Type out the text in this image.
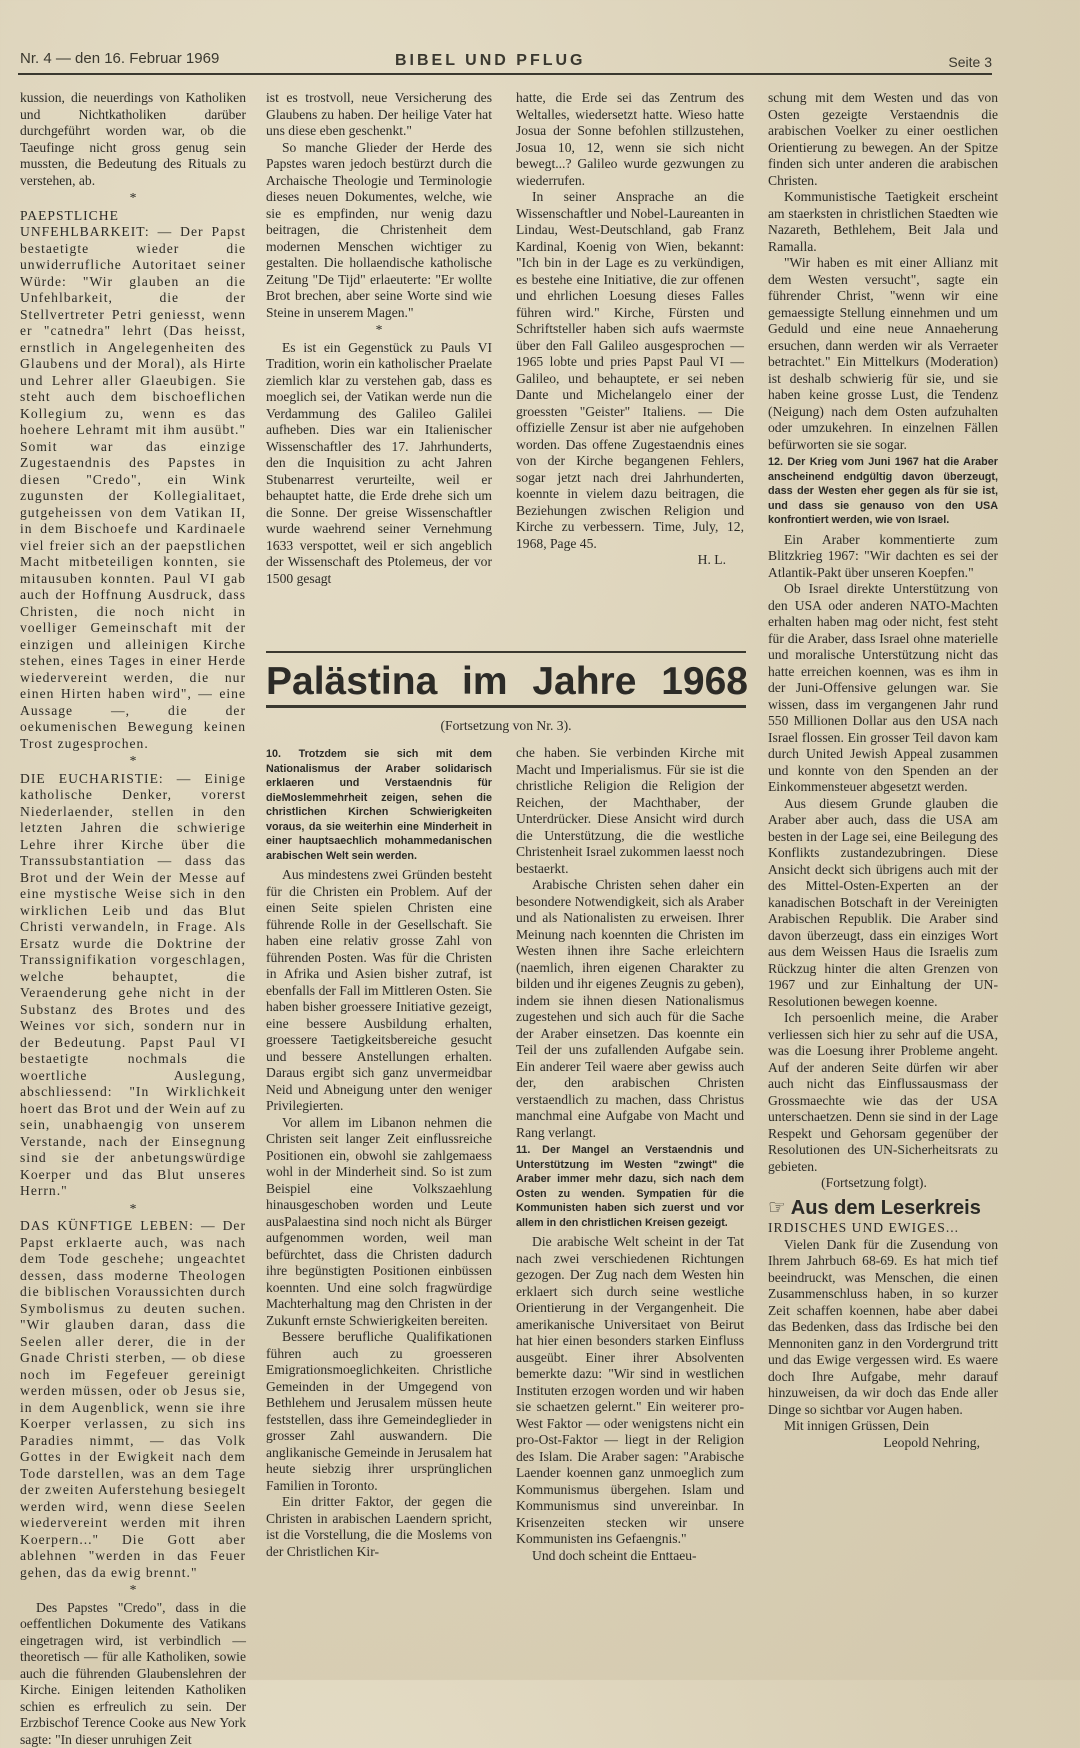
Nr. 4 — den 16. Februar 1969	BIBEL UND PFLUG	Seite 3

kussion, die neuerdings von Katholiken und Nichtkatholiken darüber durchgeführt worden war, ob die Taeufinge nicht gross genug sein mussten, die Bedeutung des Rituals zu verstehen, ab.

*

PAEPSTLICHE UNFEHLBARKEIT: — Der Papst bestaetigte wieder die unwiderrufliche Autoritaet seiner Würde: "Wir glauben an die Unfehlbarkeit, die der Stellvertreter Petri geniesst, wenn er "catnedra" lehrt (Das heisst, ernstlich in Angelegenheiten des Glaubens und der Moral), als Hirte und Lehrer aller Glaeubigen. Sie steht auch dem bischoeflichen Kollegium zu, wenn es das hoehere Lehramt mit ihm ausübt." Somit war das einzige Zugestaendnis des Papstes in diesen "Credo", ein Wink zugunsten der Kollegialitaet, gutgeheissen von dem Vatikan II, in dem Bischoefe und Kardinaele viel freier sich an der paepstlichen Macht mitbeteiligen konnten, sie mitausuben konnten. Paul VI gab auch der Hoffnung Ausdruck, dass Christen, die noch nicht in voelliger Gemeinschaft mit der einzigen und alleinigen Kirche stehen, eines Tages in einer Herde wiedervereint werden, die nur einen Hirten haben wird", — eine Aussage —, die der oekumenischen Bewegung keinen Trost zugesprochen.

*

DIE EUCHARISTIE: — Einige katholische Denker, vorerst Niederlaender, stellen in den letzten Jahren die schwierige Lehre ihrer Kirche über die Transsubstantiation — dass das Brot und der Wein der Messe auf eine mystische Weise sich in den wirklichen Leib und das Blut Christi verwandeln, in Frage. Als Ersatz wurde die Doktrine der Transsignifikation vorgeschlagen, welche behauptet, die Veraenderung gehe nicht in der Substanz des Brotes und des Weines vor sich, sondern nur in der Bedeutung. Papst Paul VI bestaetigte nochmals die woertliche Auslegung, abschliessend: "In Wirklichkeit hoert das Brot und der Wein auf zu sein, unabhaengig von unserem Verstande, nach der Einsegnung sind sie der anbetungswürdige Koerper und das Blut unseres Herrn."

*

DAS KÜNFTIGE LEBEN: — Der Papst erklaerte auch, was nach dem Tode geschehe; ungeachtet dessen, dass moderne Theologen die biblischen Voraussichten durch Symbolismus zu deuten suchen. "Wir glauben daran, dass die Seelen aller derer, die in der Gnade Christi sterben, — ob diese noch im Fegefeuer gereinigt werden müssen, oder ob Jesus sie, in dem Augenblick, wenn sie ihre Koerper verlassen, zu sich ins Paradies nimmt, — das Volk Gottes in der Ewigkeit nach dem Tode darstellen, was an dem Tage der zweiten Auferstehung besiegelt werden wird, wenn diese Seelen wiedervereint werden mit ihren Koerpern..." Die Gott aber ablehnen "werden in das Feuer gehen, das da ewig brennt."

*

Des Papstes "Credo", dass in die oeffentlichen Dokumente des Vatikans eingetragen wird, ist verbindlich — theoretisch — für alle Katholiken, sowie auch die führenden Glaubenslehren der Kirche. Einigen leitenden Katholiken schien es erfreulich zu sein. Der Erzbischof Terence Cooke aus New York sagte: "In dieser unruhigen Zeit

ist es trostvoll, neue Versicherung des Glaubens zu haben. Der heilige Vater hat uns diese eben geschenkt."

So manche Glieder der Herde des Papstes waren jedoch bestürzt durch die Archaische Theologie und Terminologie dieses neuen Dokumentes, welche, wie sie es empfinden, nur wenig dazu beitragen, die Christenheit dem modernen Menschen wichtiger zu gestalten. Die hollaendische katholische Zeitung "De Tijd" erlaeuterte: "Er wollte Brot brechen, aber seine Worte sind wie Steine in unserem Magen."

*

Es ist ein Gegenstück zu Pauls VI Tradition, worin ein katholischer Praelate ziemlich klar zu verstehen gab, dass es moeglich sei, der Vatikan werde nun die Verdammung des Galileo Galilei aufheben. Dies war ein Italienischer Wissenschaftler des 17. Jahrhunderts, den die Inquisition zu acht Jahren Stubenarrest verurteilte, weil er behauptet hatte, die Erde drehe sich um die Sonne. Der greise Wissenschaftler wurde waehrend seiner Vernehmung 1633 verspottet, weil er sich angeblich der Wissenschaft des Ptolemeus, der vor 1500 gesagt

hatte, die Erde sei das Zentrum des Weltalles, wiedersetzt hatte. Wieso hatte Josua der Sonne befohlen stillzustehen, Josua 10, 12, wenn sie sich nicht bewegt...? Galileo wurde gezwungen zu wiederrufen.

In seiner Ansprache an die Wissenschaftler und Nobel-Laureanten in Lindau, West-Deutschland, gab Franz Kardinal, Koenig von Wien, bekannt: "Ich bin in der Lage es zu verkündigen, es bestehe eine Initiative, die zur offenen und ehrlichen Loesung dieses Falles führen wird." Kirche, Fürsten und Schriftsteller haben sich aufs waermste über den Fall Galileo ausgesprochen — 1965 lobte und pries Papst Paul VI — Galileo, und behauptete, er sei neben Dante und Michelangelo einer der groessten "Geister" Italiens. — Die offizielle Zensur ist aber nie aufgehoben worden. Das offene Zugestaendnis eines von der Kirche begangenen Fehlers, sogar jetzt nach drei Jahrhunderten, koennte in vielem dazu beitragen, die Beziehungen zwischen Religion und Kirche zu verbessern. Time, July, 12, 1968, Page 45.

H. L.

Palästina im Jahre 1968
(Fortsetzung von Nr. 3).

10. Trotzdem sie sich mit dem Nationalismus der Araber solidarisch erklaeren und Verstaendnis für dieMoslemmehrheit zeigen, sehen die christlichen Kirchen Schwierigkeiten voraus, da sie weiterhin eine Minderheit in einer hauptsaechlich mohammedanischen arabischen Welt sein werden.

Aus mindestens zwei Gründen besteht für die Christen ein Problem. Auf der einen Seite spielen Christen eine führende Rolle in der Gesellschaft. Sie haben eine relativ grosse Zahl von führenden Posten. Was für die Christen in Afrika und Asien bisher zutraf, ist ebenfalls der Fall im Mittleren Osten. Sie haben bisher groessere Initiative gezeigt, eine bessere Ausbildung erhalten, groessere Taetigkeitsbereiche gesucht und bessere Anstellungen erhalten. Daraus ergibt sich ganz unvermeidbar Neid und Abneigung unter den weniger Privilegierten.

Vor allem im Libanon nehmen die Christen seit langer Zeit einflussreiche Positionen ein, obwohl sie zahlgemaess wohl in der Minderheit sind. So ist zum Beispiel eine Volkszaehlung hinausgeschoben worden und Leute ausPalaestina sind noch nicht als Bürger aufgenommen worden, weil man befürchtet, dass die Christen dadurch ihre begünstigten Positionen einbüssen koennten. Und eine solch fragwürdige Machterhaltung mag den Christen in der Zukunft ernste Schwierigkeiten bereiten.

Bessere berufliche Qualifikationen führen auch zu groesseren Emigrationsmoeglichkeiten. Christliche Gemeinden in der Umgegend von Bethlehem und Jerusalem müssen heute feststellen, dass ihre Gemeindeglieder in grosser Zahl auswandern. Die anglikanische Gemeinde in Jerusalem hat heute siebzig ihrer ursprünglichen Familien in Toronto.

Ein dritter Faktor, der gegen die Christen in arabischen Laendern spricht, ist die Vorstellung, die die Moslems von der Christlichen Kir-

che haben. Sie verbinden Kirche mit Macht und Imperialismus. Für sie ist die christliche Religion die Religion der Reichen, der Machthaber, der Unterdrücker. Diese Ansicht wird durch die Unterstützung, die die westliche Christenheit Israel zukommen laesst noch bestaerkt.

Arabische Christen sehen daher ein besondere Notwendigkeit, sich als Araber und als Nationalisten zu erweisen. Ihrer Meinung nach koennten die Christen im Westen ihnen ihre Sache erleichtern (naemlich, ihren eigenen Charakter zu bilden und ihr eigenes Zeugnis zu geben), indem sie ihnen diesen Nationalismus zugestehen und sich auch für die Sache der Araber einsetzen. Das koennte ein Teil der uns zufallenden Aufgabe sein. Ein anderer Teil waere aber gewiss auch der, den arabischen Christen verstaendlich zu machen, dass Christus manchmal eine Aufgabe von Macht und Rang verlangt.

11. Der Mangel an Verstaendnis und Unterstützung im Westen "zwingt" die Araber immer mehr dazu, sich nach dem Osten zu wenden. Sympatien für die Kommunisten haben sich zuerst und vor allem in den christlichen Kreisen gezeigt.

Die arabische Welt scheint in der Tat nach zwei verschiedenen Richtungen gezogen. Der Zug nach dem Westen hin erklaert sich durch seine westliche Orientierung in der Vergangenheit. Die amerikanische Universitaet von Beirut hat hier einen besonders starken Einfluss ausgeübt. Einer ihrer Absolventen bemerkte dazu: "Wir sind in westlichen Instituten erzogen worden und wir haben sie schaetzen gelernt." Ein weiterer pro-West Faktor — oder wenigstens nicht ein pro-Ost-Faktor — liegt in der Religion des Islam. Die Araber sagen: "Arabische Laender koennen ganz unmoeglich zum Kommunismus übergehen. Islam und Kommunismus sind unvereinbar. In Krisenzeiten stecken wir unsere Kommunisten ins Gefaengnis."

Und doch scheint die Enttaeu-

schung mit dem Westen und das von Osten gezeigte Verstaendnis die arabischen Voelker zu einer oestlichen Orientierung zu bewegen. An der Spitze finden sich unter anderen die arabischen Christen.

Kommunistische Taetigkeit erscheint am staerksten in christlichen Staedten wie Nazareth, Bethlehem, Beit Jala und Ramalla.

"Wir haben es mit einer Allianz mit dem Westen versucht", sagte ein führender Christ, "wenn wir eine gemaessigte Stellung einnehmen und um Geduld und eine neue Annaeherung ersuchen, dann werden wir als Verraeter betrachtet." Ein Mittelkurs (Moderation) ist deshalb schwierig für sie, und sie haben keine grosse Lust, die Tendenz (Neigung) nach dem Osten aufzuhalten oder umzukehren. In einzelnen Fällen befürworten sie sie sogar.

12. Der Krieg vom Juni 1967 hat die Araber anscheinend endgültig davon überzeugt, dass der Westen eher gegen als für sie ist, und dass sie genauso von den USA konfrontiert werden, wie von Israel.

Ein Araber kommentierte zum Blitzkrieg 1967: "Wir dachten es sei der Atlantik-Pakt über unseren Koepfen."

Ob Israel direkte Unterstützung von den USA oder anderen NATO-Machten erhalten haben mag oder nicht, fest steht für die Araber, dass Israel ohne materielle und moralische Unterstützung nicht das hatte erreichen koennen, was es ihm in der Juni-Offensive gelungen war. Sie wissen, dass im vergangenen Jahr rund 550 Millionen Dollar aus den USA nach Israel flossen. Ein grosser Teil davon kam durch United Jewish Appeal zusammen und konnte von den Spenden an der Einkommensteuer abgesetzt werden.

Aus diesem Grunde glauben die Araber aber auch, dass die USA am besten in der Lage sei, eine Beilegung des Konflikts zustandezubringen. Diese Ansicht deckt sich übrigens auch mit der des Mittel-Osten-Experten an der kanadischen Botschaft in der Vereinigten Arabischen Republik. Die Araber sind davon überzeugt, dass ein einziges Wort aus dem Weissen Haus die Israelis zum Rückzug hinter die alten Grenzen von 1967 und zur Einhaltung der UN-Resolutionen bewegen koenne.

Ich persoenlich meine, die Araber verliessen sich hier zu sehr auf die USA, was die Loesung ihrer Probleme angeht. Auf der anderen Seite dürfen wir aber auch nicht das Einflussausmass der Grossmaechte wie das der USA unterschaetzen. Denn sie sind in der Lage Respekt und Gehorsam gegenüber der Resolutionen des UN-Sicherheitsrats zu gebieten.

(Fortsetzung folgt).

☞ Aus dem Leserkreis

IRDISCHES UND EWIGES...

Vielen Dank für die Zusendung von Ihrem Jahrbuch 68-69. Es hat mich tief beeindruckt, was Menschen, die einen Zusammenschluss haben, in so kurzer Zeit schaffen koennen, habe aber dabei das Bedenken, dass das Irdische bei den Mennoniten ganz in den Vordergrund tritt und das Ewige vergessen wird. Es waere doch Ihre Aufgabe, mehr darauf hinzuweisen, da wir doch das Ende aller Dinge so sichtbar vor Augen haben.

Mit innigen Grüssen, Dein

Leopold Nehring,
